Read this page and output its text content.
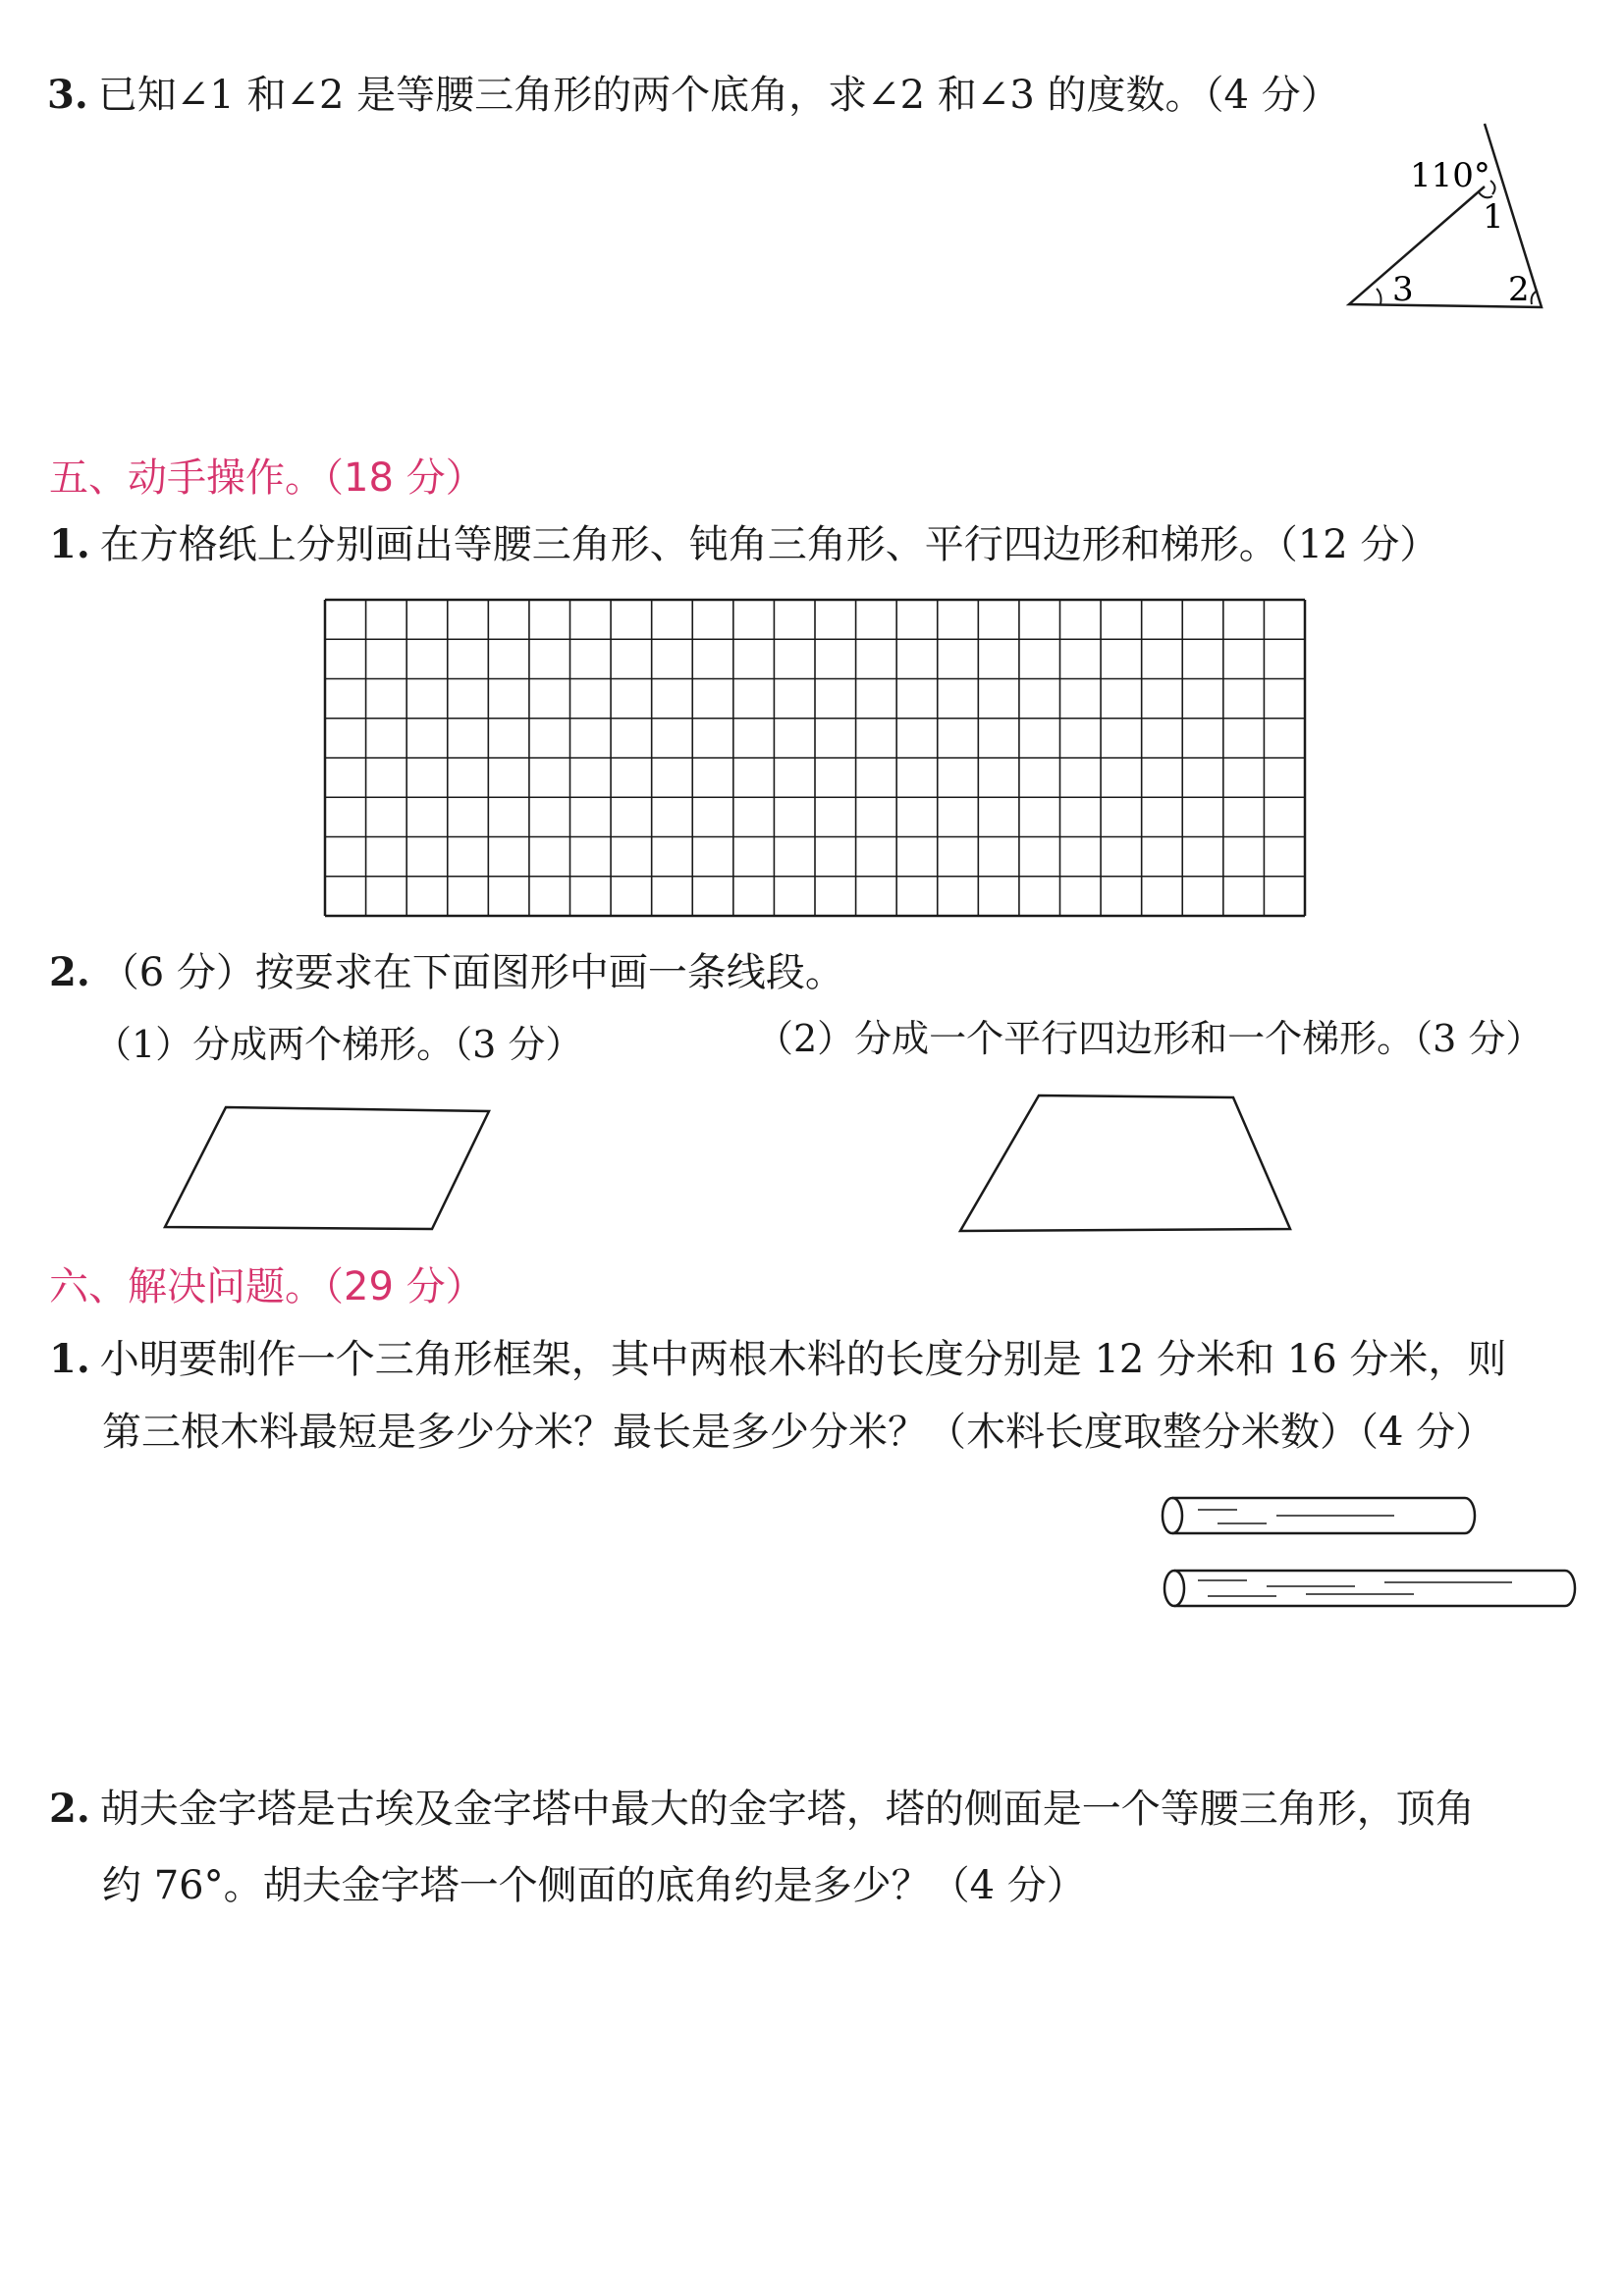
3. 已知∠1 和∠2 是等腰三角形的两个底角，求∠2 和∠3 的度数。（4 分）
110°
1
2
3
五、动手操作。（18 分）
1. 在方格纸上分别画出等腰三角形、钝角三角形、平行四边形和梯形。（12 分）
2. （6 分）按要求在下面图形中画一条线段。
（1）分成两个梯形。（3 分）	（2）分成一个平行四边形和一个梯形。（3 分）
六、解决问题。（29 分）
1. 小明要制作一个三角形框架，其中两根木料的长度分别是 12 分米和 16 分米，则
第三根木料最短是多少分米？最长是多少分米？（木料长度取整分米数）（4 分）
2. 胡夫金字塔是古埃及金字塔中最大的金字塔，塔的侧面是一个等腰三角形，顶角
约 76°。胡夫金字塔一个侧面的底角约是多少？（4 分）
